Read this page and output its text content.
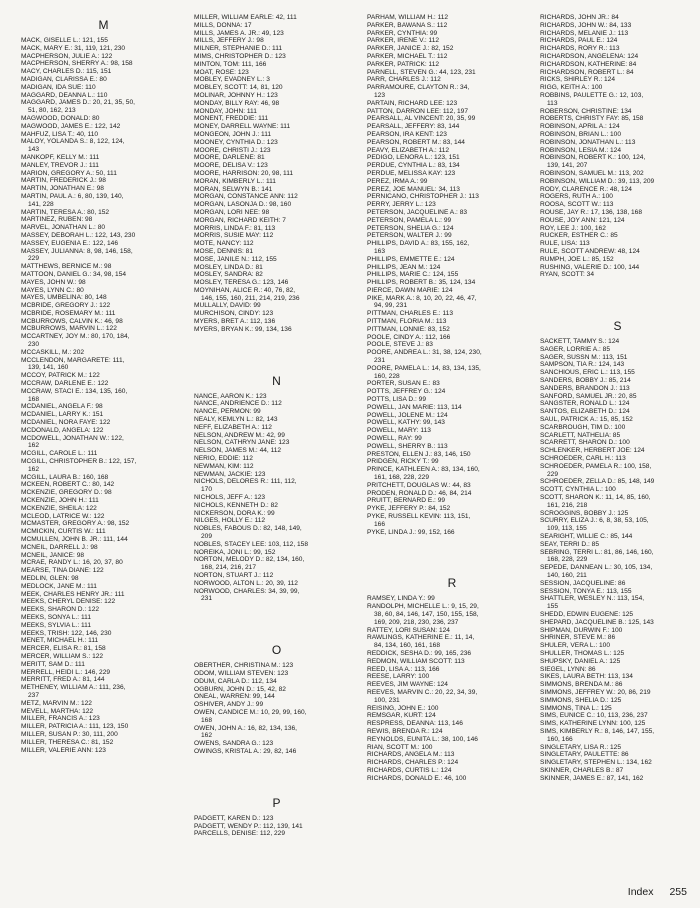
M
MACK, GISELLE L.: 121, 155
MACK, MARY E.: 31, 119, 121, 230
MACPHERSON, JULIE A.: 122
MACPHERSON, SHERRY A.: 98, 158
MACY, CHARLES D.: 115, 151
MADIGAN, CLARISSA E.: 80
MADIGAN, IDA SUE: 110
MAGGARD, DEANNA L.: 110
MAGGARD, JAMES D.: 20, 21, 35, 50,
51, 80, 162, 213
MAGWOOD, DONALD: 80
MAGWOOD, JAMES E.: 122, 142
MAHFUZ, LISA T.: 40, 110
MALOY, YOLANDA S.: 8, 122, 124,
143
MANKOPF, KELLY M.: 111
MANLEY, TREVOR J.: 111
MARION, GREGORY A.: 50, 111
MARTIN, FREDERICK J.: 98
MARTIN, JONATHAN E.: 98
MARTIN, PAUL A.: 6, 80, 139, 140,
141, 228
MARTIN, TERESA A.: 80, 152
MARTINEZ, RUBEN: 98
MARVEL, JONATHAN L.: 80
MASSEY, DEBORAH L.: 122, 143, 230
MASSEY, EUGENIA E.: 122, 146
MASSEY, JULIANNA: 8, 98, 146, 158,
229
MATTHEWS, BERNICE M.: 98
MATTOON, DANIEL G.: 34, 98, 154
MAYES, JOHN W.: 98
MAYES, LYNN C.: 80
MAYES, UMBELINA: 80, 148
MCBRIDE, GREGORY J.: 122
MCBRIDE, ROSEMARY M.: 111
MCBURROWS, CALVIN K.: 46, 98
MCBURROWS, MARVIN L.: 122
MCCARTNEY, JOY M.: 80, 170, 184,
230
MCCASKILL, M.: 202
MCCLENDON, MARGARETE: 111,
139, 141, 160
MCCOY, PATRICK M.: 122
MCCRAW, DARLENE E.: 122
MCCRAW, STACI E.: 134, 135, 160,
168
MCDANIEL, ANGELA F.: 98
MCDANIEL, LARRY K.: 151
MCDANIEL, NORA FAYE: 122
MCDONALD, ANGELA: 122
MCDOWELL, JONATHAN W.: 122,
162
MCGILL, CAROLE L.: 111
MCGILL, CHRISTOPHER B.: 122, 157,
162
MCGILL, LAURA B.: 160, 168
MCKEEN, ROBERT C.: 80, 142
MCKENZIE, GREGORY D.: 98
MCKENZIE, JOHN H.: 111
MCKENZIE, SHEILA: 122
MCLEOD, LATRICE W.: 122
MCMASTER, GREGORY A.: 98, 152
MCMICKIN, CURTIS W.: 111
MCMULLEN, JOHN B. JR.: 111, 144
MCNEIL, DARRELL J.: 98
MCNEIL, JANICE: 98
MCRAE, RANDY L.: 16, 20, 37, 80
MEARSE, TINA DIANE: 122
MEDLIN, GLEN: 98
MEDLOCK, JANE M.: 111
MEEK, CHARLES HENRY JR.: 111
MEEKS, CHERYL DENISE: 122
MEEKS, SHARON D.: 122
MEEKS, SONYA L.: 111
MEEKS, SYLVIA L.: 111
MEEKS, TRISH: 122, 146, 230
MENET, MICHAEL H.: 111
MERCER, ELISA R.: 81, 158
MERCER, WILLIAM S.: 122
MERITT, SAM D.: 111
MERRELL, HEIDI L.: 146, 229
MERRITT, FRED A.: 81, 144
METHENEY, WILLIAM A.: 111, 236,
237
METZ, MARVIN M.: 122
MEVELL, MARTHA: 122
MILLER, FRANCIS A.: 123
MILLER, PATRICIA A.: 111, 123, 150
MILLER, SUSAN P.: 30, 111, 200
MILLER, THERESA C.: 81, 152
MILLER, VALERIE ANN: 123
MILLER, WILLIAM EARLE: 42, 111
MILLS, DONNA: 17
MILLS, JAMES A. JR.: 49, 123
MILLS, JEFFERY J.: 98
MILNER, STEPHANIE D.: 111
MIMS, CHRISTOPHER D.: 123
MINTON, TOM: 111, 166
MOAT, ROSE: 123
MOBLEY, EVADNEY L.: 3
MOBLEY, SCOTT: 14, 81, 120
MOLINAR, JOHNNY H.: 123
MONDAY, BILLY RAY: 46, 98
MONDAY, JOHN: 111
MONENT, FREDDIE: 111
MONEY, DARRELL WAYNE: 111
MONGEON, JOHN J.: 111
MOONEY, CYNTHIA D.: 123
MOORE, CHRISTI J.: 123
MOORE, DARLENE: 81
MOORE, DELISA V.: 123
MOORE, HARRISON: 20, 98, 111
MORAN, KIMBERLY L.: 111
MORAN, SELWYN B.: 141
MORGAN, CONSTANCE ANN: 112
MORGAN, LASONJA D.: 98, 160
MORGAN, LORI NEE: 98
MORGAN, RICHARD KEITH: 7
MORRIS, LINDA F.: 81, 113
MORRIS, SUSIE MAY: 112
MOTE, NANCY: 112
MOSE, DENNIS: 81
MOSE, JANILE N.: 112, 155
MOSLEY, LINDA D.: 81
MOSLEY, SANDRA: 82
MOSLEY, TERESA G.: 123, 146
MOYNIHAN, ALICE R.: 40, 76, 82,
146, 155, 160, 211, 214, 219, 236
MULLALLY, DAVID: 99
MURCHISON, CINDY: 123
MYERS, BRET A.: 112, 136
MYERS, BRYAN K.: 99, 134, 136
N
NANCE, AARON K.: 123
NANCE, ANDRIENCE D.: 112
NANCE, PERMON: 99
NEALY, KEMLYN L.: 82, 143
NEFF, ELIZABETH A.: 112
NELSON, ANDREW M.: 42, 99
NELSON, CATHRYN JANE: 123
NELSON, JAMES M.: 44, 112
NERIO, EDDIE: 112
NEWMAN, KIM: 112
NEWMAN, JACKIE: 123
NICHOLS, DELORES R.: 111, 112,
170
NICHOLS, JEFF A.: 123
NICHOLS, KENNETH D.: 82
NICKERSON, DORA K.: 99
NILGES, HOLLY E.: 112
NOBLES, FABOUS D.: 82, 148, 149,
209
NOBLES, STACEY LEE: 103, 112, 158
NOREIKA, JONI L.: 99, 152
NORTON, MELODY D.: 82, 134, 160,
168, 214, 216, 217
NORTON, STUART J.: 112
NORWOOD, ALTON L.: 20, 39, 112
NORWOOD, CHARLES: 34, 39, 99,
231
O
OBERTHER, CHRISTINA M.: 123
ODOM, WILLIAM STEVEN: 123
ODUM, CARLA D.: 112, 134
OGBURN, JOHN D.: 15, 42, 82
ONEAL, WARREN: 99, 144
OSHIVER, ANDY J.: 99
OWEN, CANDICE M.: 10, 29, 99, 160,
168
OWEN, JOHN A.: 16, 82, 134, 136,
162
OWENS, SANDRA G.: 123
OWINGS, KRISTAL A.: 29, 82, 146
P
PADGETT, KAREN D.: 123
PADGETT, WENDY P.: 112, 139, 141
PARCELLS, DENISE: 112, 229
PARHAM, WILLIAM H.: 112
PARKER, BAWANA S.: 112
PARKER, CYNTHIA: 99
PARKER, IRENE V.: 112
PARKER, JANICE J.: 82, 152
PARKER, MICHAEL T.: 112
PARKER, PATRICK: 112
PARNELL, STEVEN G.: 44, 123, 231
PARR, CHARLES J.: 112
PARRAMOURE, CLAYTON R.: 34,
123
PARTAIN, RICHARD LEE: 123
PATTON, DARRON LEE: 112, 197
PEARSALL, AL VINCENT: 20, 35, 99
PEARSALL, JEFFERY: 83, 144
PEARSON, IRA KENT: 123
PEARSON, ROBERT M.: 83, 144
PEAVY, ELIZABETH A.: 112
PEDIGO, LENORA L.: 123, 151
PERDUE, CYNTHIA L.: 83, 134
PERDUE, MELISSA KAY: 123
PEREZ, IRMA A.: 99
PEREZ, JOE MANUEL: 34, 113
PERNICANO, CHRISTOPHER J.: 113
PERRY, JERRY L.: 123
PETERSON, JACQUELINE A.: 83
PETERSON, PAMELA L.: 99
PETERSON, SHELIA G.: 124
PETERSON, WALTER J.: 99
PHILLIPS, DAVID A.: 83, 155, 162,
163
PHILLIPS, EMMETTE E.: 124
PHILLIPS, JEAN M.: 124
PHILLIPS, MARIE C.: 124, 155
PHILLIPS, ROBERT B.: 35, 124, 134
PIERCE, DAWN MARIE: 124
PIKE, MARK A.: 8, 10, 20, 22, 46, 47,
94, 99, 231
PITTMAN, CHARLES E.: 113
PITTMAN, FLORIA M.: 113
PITTMAN, LONNIE: 83, 152
POOLE, CINDY A.: 112, 166
POOLE, STEVE J.: 83
POORE, ANDREA L.: 31, 38, 124, 230,
231
POORE, PAMELA L.: 14, 83, 134, 135,
160, 228
PORTER, SUSAN E.: 83
POTTS, JEFFREY G.: 124
POTTS, LISA D.: 99
POWELL, JAN MARIE: 113, 114
POWELL, JOLENE M.: 124
POWELL, KATHY: 99, 143
POWELL, MARY: 113
POWELL, RAY: 99
POWELL, SHERRY B.: 113
PRESTON, ELLEN J.: 83, 146, 150
PRIDGEN, RICKY T.: 99
PRINCE, KATHLEEN A.: 83, 134, 160,
161, 168, 228, 229
PRITCHETT, DOUGLAS W.: 44, 83
PRODEN, RONALD D.: 46, 84, 214
PRUITT, BERNARD E.: 99
PYKE, JEFFERY P.: 84, 152
PYKE, RUSSELL KEVIN: 113, 151,
166
PYKE, LINDA J.: 99, 152, 166
R
RAMSEY, LINDA Y.: 99
RANDOLPH, MICHELLE L.: 9, 15, 29,
38, 60, 84, 146, 147, 150, 155, 158,
169, 209, 218, 230, 236, 237
RATTEY, LORI SUSAN: 124
RAWLINGS, KATHERINE E.: 11, 14,
84, 134, 160, 161, 168
REDDICK, SESHA D.: 99, 165, 236
REDMON, WILLIAM SCOTT: 113
REED, LISA A.: 113, 166
REESE, LARRY: 100
REEVES, JIM WAYNE: 124
REEVES, MARVIN C.: 20, 22, 34, 39,
100, 231
REISING, JOHN E.: 100
REMSGAR, KURT: 124
RESPRESS, DEANNA: 113, 146
REWIS, BRENDA R.: 124
REYNOLDS, EUNITA L.: 38, 100, 146
RIAN, SCOTT M.: 100
RICHARDS, ANGELA M.: 113
RICHARDS, CHARLES P.: 124
RICHARDS, CURTIS L.: 124
RICHARDS, DONALD E.: 46, 100
RICHARDS, JOHN JR.: 84
RICHARDS, JOHN W.: 84, 133
RICHARDS, MELANIE J.: 113
RICHARDS, PAUL E.: 124
RICHARDS, RORY R.: 113
RICHARDSON, ANGELENA: 124
RICHARDSON, KATHERINE: 84
RICHARDSON, ROBERT L.: 84
RICKS, SHIRLEY R.: 124
RIGG, KEITH A.: 100
ROBBINS, PAULETTE G.: 12, 103,
113
ROBERSON, CHRISTINE: 134
ROBERTS, CHRISTY FAY: 85, 158
ROBINSON, APRIL A.: 124
ROBINSON, BRIAN L.: 100
ROBINSON, JONATHAN L.: 113
ROBINSON, LESIA M.: 124
ROBINSON, ROBERT K.: 100, 124,
139, 141, 207
ROBINSON, SAMUEL M.: 113, 202
ROBINSON, WILLIAM D.: 39, 113, 209
RODY, CLARENCE R.: 48, 124
ROGERS, RUTH A.: 100
ROOSA, SCOTT W.: 113
ROUSE, JAY R.: 17, 136, 138, 168
ROUSE, JOY ANN: 121, 124
ROY, LEE J.: 100, 162
RUCKER, ESTHER C.: 85
RULE, LISA: 113
RULE, SCOTT ANDREW: 48, 124
RUMPH, JOE L.: 85, 152
RUSHING, VALERIE D.: 100, 144
RYAN, SCOTT: 34
S
SACKETT, TAMMY S.: 124
SAGER, LORRIE A.: 85
SAGER, SUSSN M.: 113, 151
SAMPSON, TIA R.: 124, 143
SANCHIOUS, ERIC L.: 113, 155
SANDERS, BOBBY J.: 85, 214
SANDERS, BRANDON J.: 113
SANFORD, SAMUEL JR.: 20, 85
SANGSTER, RONALD L.: 124
SANTOS, ELIZABETH D.: 124
SAUL, PATRICK A.: 15, 85, 152
SCARBROUGH, TIM D.: 100
SCARLETT, NATHELIA: 85
SCARRETT, SHARON D.: 100
SCHLENKER, HERBERT JOE: 124
SCHROEDER, CARL H.: 113
SCHROEDER, PAMELA R.: 100, 158,
229
SCHROEDER, ZELLA D.: 85, 148, 149
SCOTT, CYNTHIA L.: 100
SCOTT, SHARON K.: 11, 14, 85, 160,
161, 216, 218
SCROGGINS, BOBBY J.: 125
SCURRY, ELIZA J.: 6, 8, 38, 53, 105,
109, 113, 155
SEARIGHT, WILLIE C.: 85, 144
SEAY, TERRI D.: 85
SEBRING, TERRI L.: 81, 86, 146, 160,
168, 228, 229
SEPEDE, DANNEAN L.: 30, 105, 134,
140, 160, 211
SESSION, JACQUELINE: 86
SESSION, TONYA E.: 113, 155
SHATTLER, WESLEY N.: 113, 154,
155
SHEDD, EDWIN EUGENE: 125
SHEPARD, JACQUELINE B.: 125, 143
SHIPMAN, DURWIN F.: 100
SHRINER, STEVE M.: 86
SHULER, VERA L.: 100
SHULLER, THOMAS L.: 125
SHUPSKY, DANIEL A.: 125
SIEGEL, LYNN: 86
SIKES, LAURA BETH: 113, 134
SIMMONS, BRENDA M.: 86
SIMMONS, JEFFREY W.: 20, 86, 219
SIMMONS, SHELIA D.: 125
SIMMONS, TINA L.: 125
SIMS, EUNICE C.: 10, 113, 236, 237
SIMS, KATHERINE LYNN: 100, 125
SIMS, KIMBERLY R.: 8, 146, 147, 155,
160, 166
SINGLETARY, LISA R.: 125
SINGLETARY, PAULETTE: 86
SINGLETARY, STEPHEN L.: 134, 162
SKINNER, CHARLES B.: 87
SKINNER, JAMES E.: 87, 141, 162
Index 255
